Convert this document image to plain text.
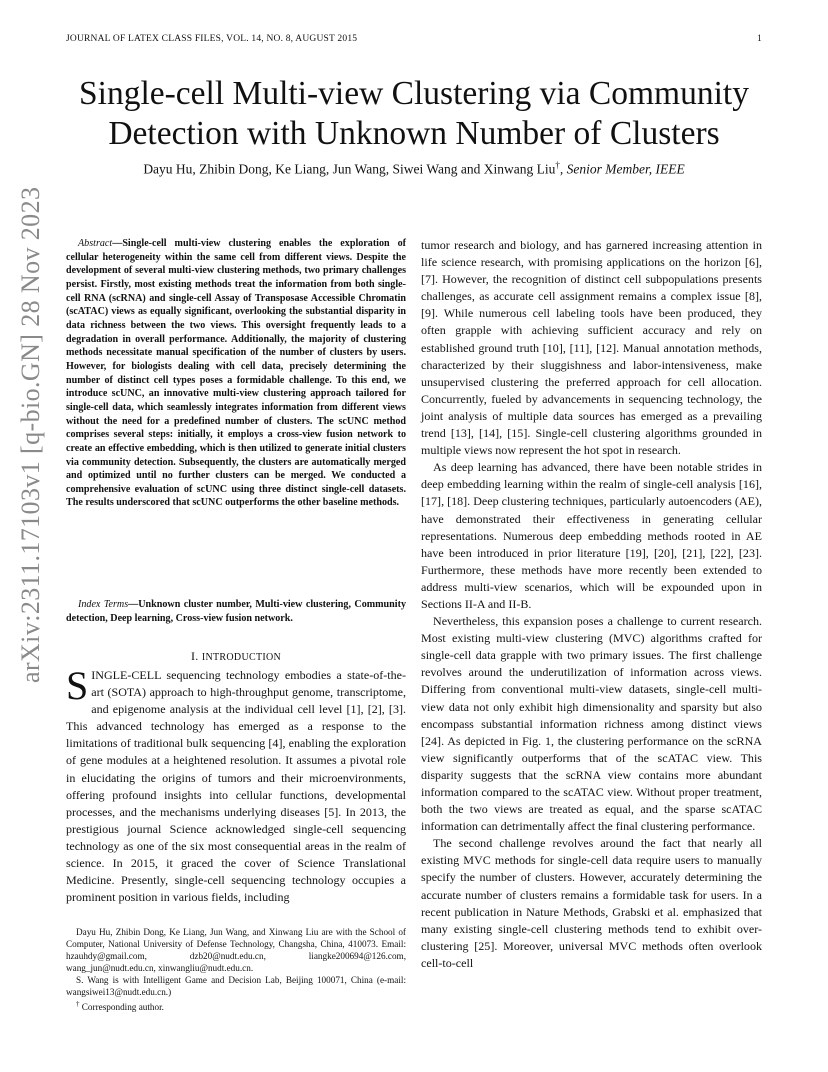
JOURNAL OF LATEX CLASS FILES, VOL. 14, NO. 8, AUGUST 2015	1
arXiv:2311.17103v1 [q-bio.GN] 28 Nov 2023
Single-cell Multi-view Clustering via Community Detection with Unknown Number of Clusters
Dayu Hu, Zhibin Dong, Ke Liang, Jun Wang, Siwei Wang and Xinwang Liu†, Senior Member, IEEE
Abstract—Single-cell multi-view clustering enables the exploration of cellular heterogeneity within the same cell from different views. Despite the development of several multi-view clustering methods, two primary challenges persist. Firstly, most existing methods treat the information from both single-cell RNA (scRNA) and single-cell Assay of Transposase Accessible Chromatin (scATAC) views as equally significant, overlooking the substantial disparity in data richness between the two views. This oversight frequently leads to a degradation in overall performance. Additionally, the majority of clustering methods necessitate manual specification of the number of clusters by users. However, for biologists dealing with cell data, precisely determining the number of distinct cell types poses a formidable challenge. To this end, we introduce scUNC, an innovative multi-view clustering approach tailored for single-cell data, which seamlessly integrates information from different views without the need for a predefined number of clusters. The scUNC method comprises several steps: initially, it employs a cross-view fusion network to create an effective embedding, which is then utilized to generate initial clusters via community detection. Subsequently, the clusters are automatically merged and optimized until no further clusters can be merged. We conducted a comprehensive evaluation of scUNC using three distinct single-cell datasets. The results underscored that scUNC outperforms the other baseline methods.
Index Terms—Unknown cluster number, Multi-view clustering, Community detection, Deep learning, Cross-view fusion network.
I. INTRODUCTION

SINGLE-CELL sequencing technology embodies a state-of-the-art (SOTA) approach to high-throughput genome, transcriptome, and epigenome analysis at the individual cell level [1], [2], [3]. This advanced technology has emerged as a response to the limitations of traditional bulk sequencing [4], enabling the exploration of gene modules at a heightened resolution. It assumes a pivotal role in elucidating the origins of tumors and their microenvironments, offering profound insights into cellular functions, developmental processes, and the mechanisms underlying diseases [5]. In 2013, the prestigious journal Science acknowledged single-cell sequencing technology as one of the six most consequential areas in the realm of science. In 2015, it graced the cover of Science Translational Medicine. Presently, single-cell sequencing technology occupies a prominent position in various fields, including

Dayu Hu, Zhibin Dong, Ke Liang, Jun Wang, and Xinwang Liu are with the School of Computer, National University of Defense Technology, Changsha, China, 410073. Email: hzauhdy@gmail.com, dzb20@nudt.edu.cn, liangke200694@126.com, wang_jun@nudt.edu.cn, xinwangliu@nudt.edu.cn.

S. Wang is with Intelligent Game and Decision Lab, Beijing 100071, China (e-mail: wangsiwei13@nudt.edu.cn.)

† Corresponding author.

tumor research and biology, and has garnered increasing attention in life science research, with promising applications on the horizon [6], [7]. However, the recognition of distinct cell subpopulations presents challenges, as accurate cell assignment remains a complex issue [8], [9]. While numerous cell labeling tools have been produced, they often grapple with achieving sufficient accuracy and rely on established ground truth [10], [11], [12]. Manual annotation methods, characterized by their sluggishness and labor-intensiveness, make unsupervised clustering the preferred approach for cell allocation. Concurrently, fueled by advancements in sequencing technology, the joint analysis of multiple data sources has emerged as a prevailing trend [13], [14], [15]. Single-cell clustering algorithms grounded in multiple views now represent the hot spot in research.

As deep learning has advanced, there have been notable strides in deep embedding learning within the realm of single-cell analysis [16], [17], [18]. Deep clustering techniques, particularly autoencoders (AE), have demonstrated their effectiveness in generating cellular representations. Numerous deep embedding methods rooted in AE have been introduced in prior literature [19], [20], [21], [22], [23]. Furthermore, these methods have more recently been extended to address multi-view scenarios, which will be expounded upon in Sections II-A and II-B.

Nevertheless, this expansion poses a challenge to current research. Most existing multi-view clustering (MVC) algorithms crafted for single-cell data grapple with two primary issues. The first challenge revolves around the underutilization of information across views. Differing from conventional multi-view datasets, single-cell multi-view data not only exhibit high dimensionality and sparsity but also encompass substantial information richness among distinct views [24]. As depicted in Fig. 1, the clustering performance on the scRNA view significantly outperforms that of the scATAC view. This disparity suggests that the scRNA view contains more abundant information compared to the scATAC view. Without proper treatment, both the two views are treated as equal, and the sparse scATAC information can detrimentally affect the final clustering performance.

The second challenge revolves around the fact that nearly all existing MVC methods for single-cell data require users to manually specify the number of clusters. However, accurately determining the accurate number of clusters remains a formidable task for users. In a recent publication in Nature Methods, Grabski et al. emphasized that many existing single-cell clustering methods tend to exhibit over-clustering [25]. Moreover, universal MVC methods often overlook cell-to-cell
